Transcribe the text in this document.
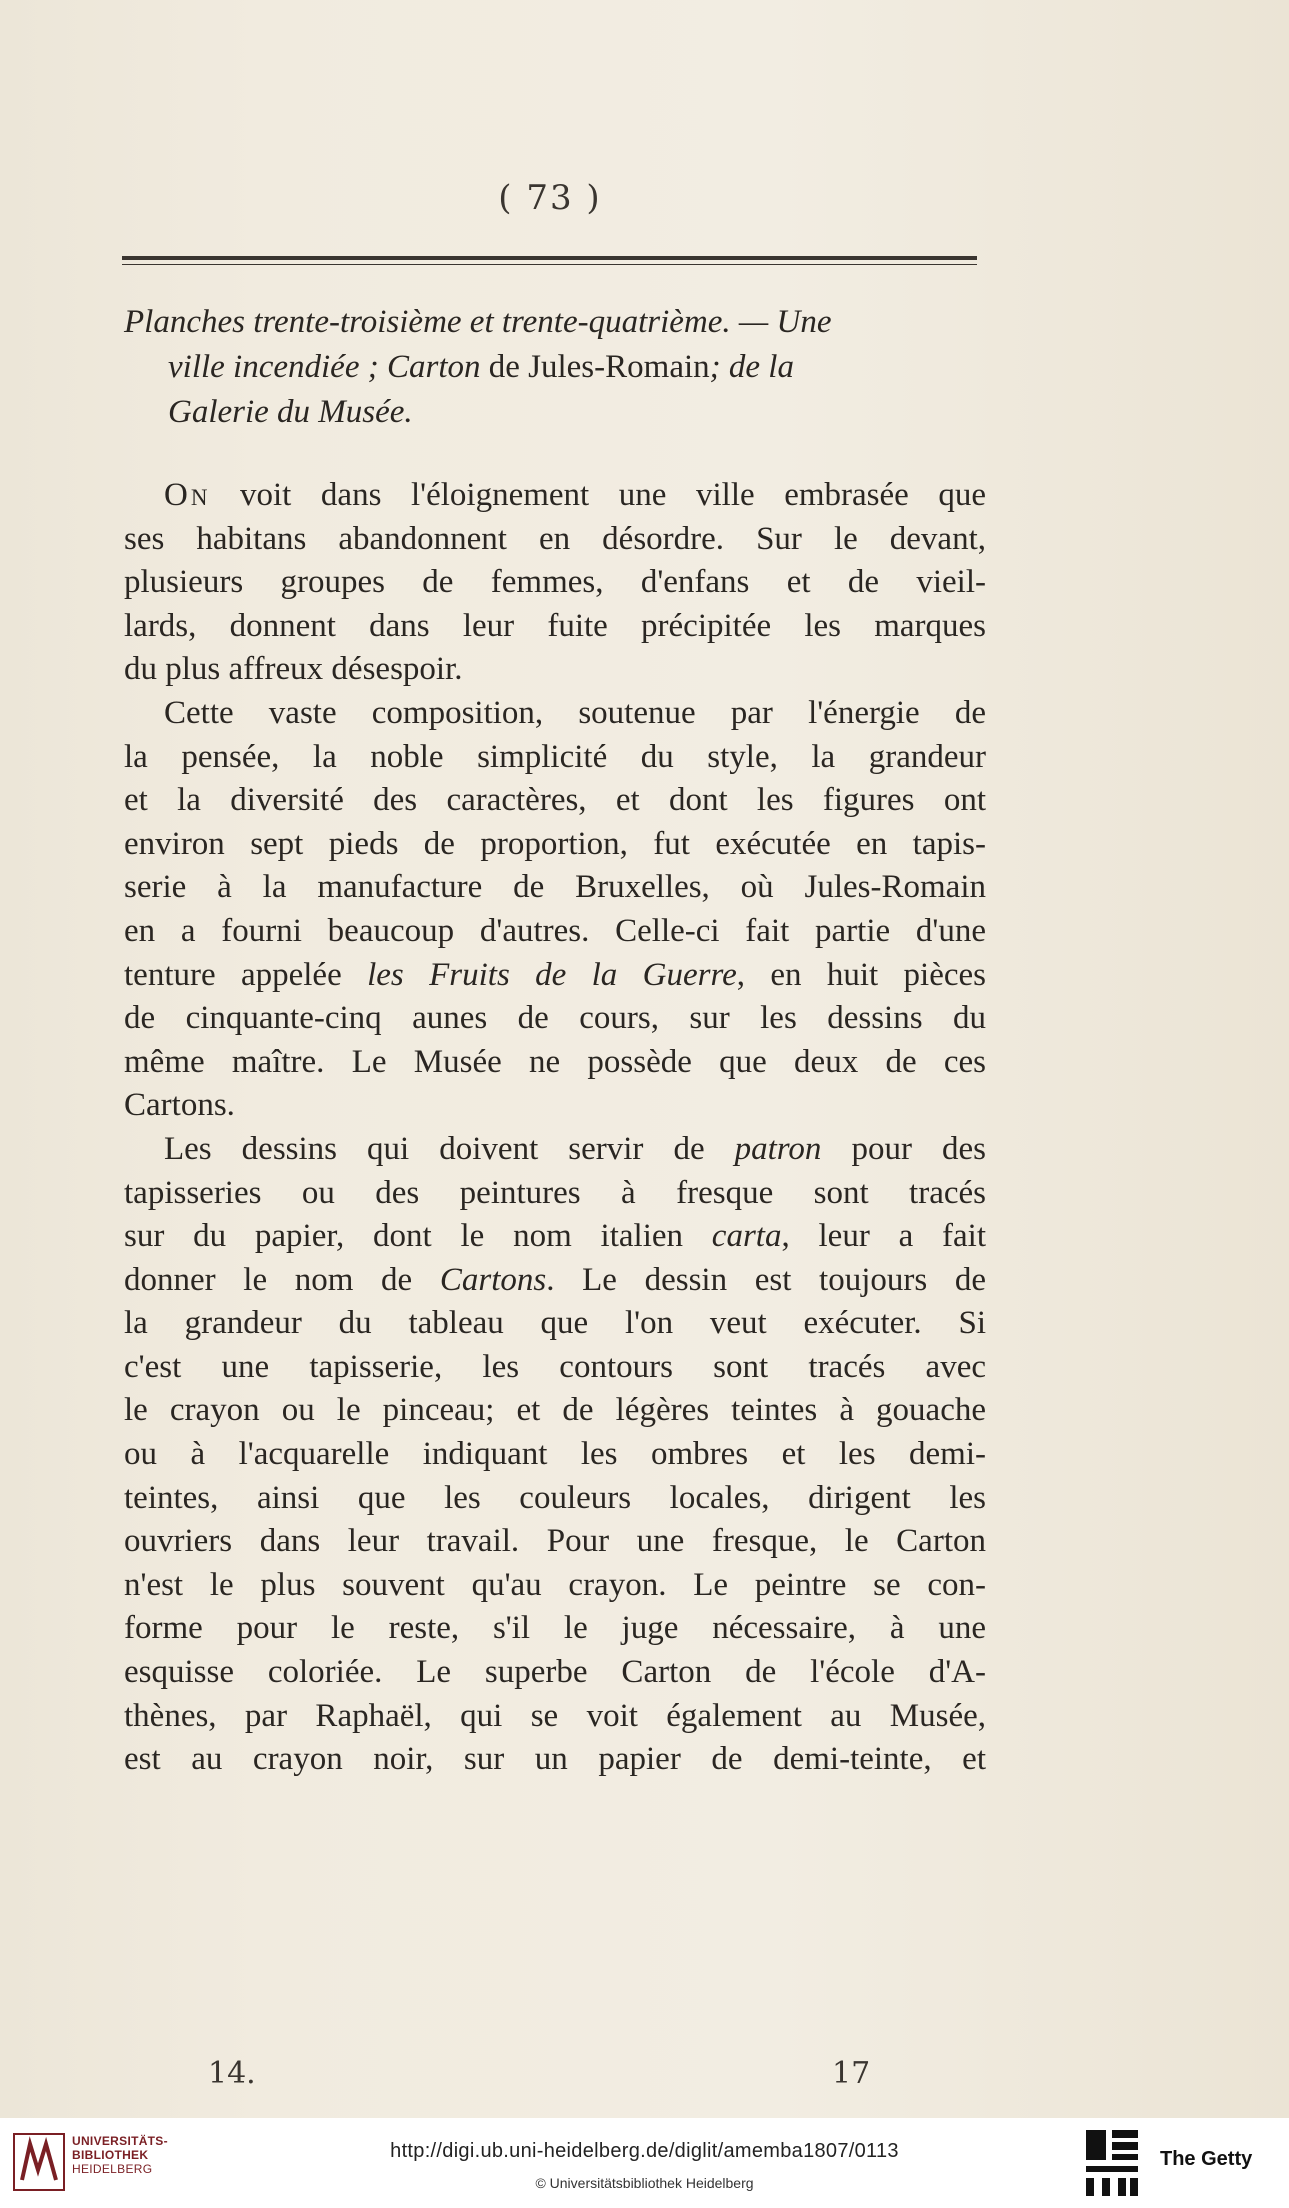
( 73 )
Planches trente-troisième et trente-quatrième. — Une
ville incendiée ; Carton de Jules-Romain; de la
Galerie du Musée.
On voit dans l'éloignement une ville embrasée que
ses habitans abandonnent en désordre. Sur le devant,
plusieurs groupes de femmes, d'enfans et de vieil-
lards, donnent dans leur fuite précipitée les marques
du plus affreux désespoir.
Cette vaste composition, soutenue par l'énergie de
la pensée, la noble simplicité du style, la grandeur
et la diversité des caractères, et dont les figures ont
environ sept pieds de proportion, fut exécutée en tapis-
serie à la manufacture de Bruxelles, où Jules-Romain
en a fourni beaucoup d'autres. Celle-ci fait partie d'une
tenture appelée les Fruits de la Guerre, en huit pièces
de cinquante-cinq aunes de cours, sur les dessins du
même maître. Le Musée ne possède que deux de ces
Cartons.
Les dessins qui doivent servir de patron pour des
tapisseries ou des peintures à fresque sont tracés
sur du papier, dont le nom italien carta, leur a fait
donner le nom de Cartons. Le dessin est toujours de
la grandeur du tableau que l'on veut exécuter. Si
c'est une tapisserie, les contours sont tracés avec
le crayon ou le pinceau; et de légères teintes à gouache
ou à l'acquarelle indiquant les ombres et les demi-
teintes, ainsi que les couleurs locales, dirigent les
ouvriers dans leur travail. Pour une fresque, le Carton
n'est le plus souvent qu'au crayon. Le peintre se con-
forme pour le reste, s'il le juge nécessaire, à une
esquisse coloriée. Le superbe Carton de l'école d'A-
thènes, par Raphaël, qui se voit également au Musée,
est au crayon noir, sur un papier de demi-teinte, et
14.	17
UNIVERSITÄTS-
BIBLIOTHEK
HEIDELBERG
http://digi.ub.uni-heidelberg.de/diglit/amemba1807/0113
© Universitätsbibliothek Heidelberg
The Getty
